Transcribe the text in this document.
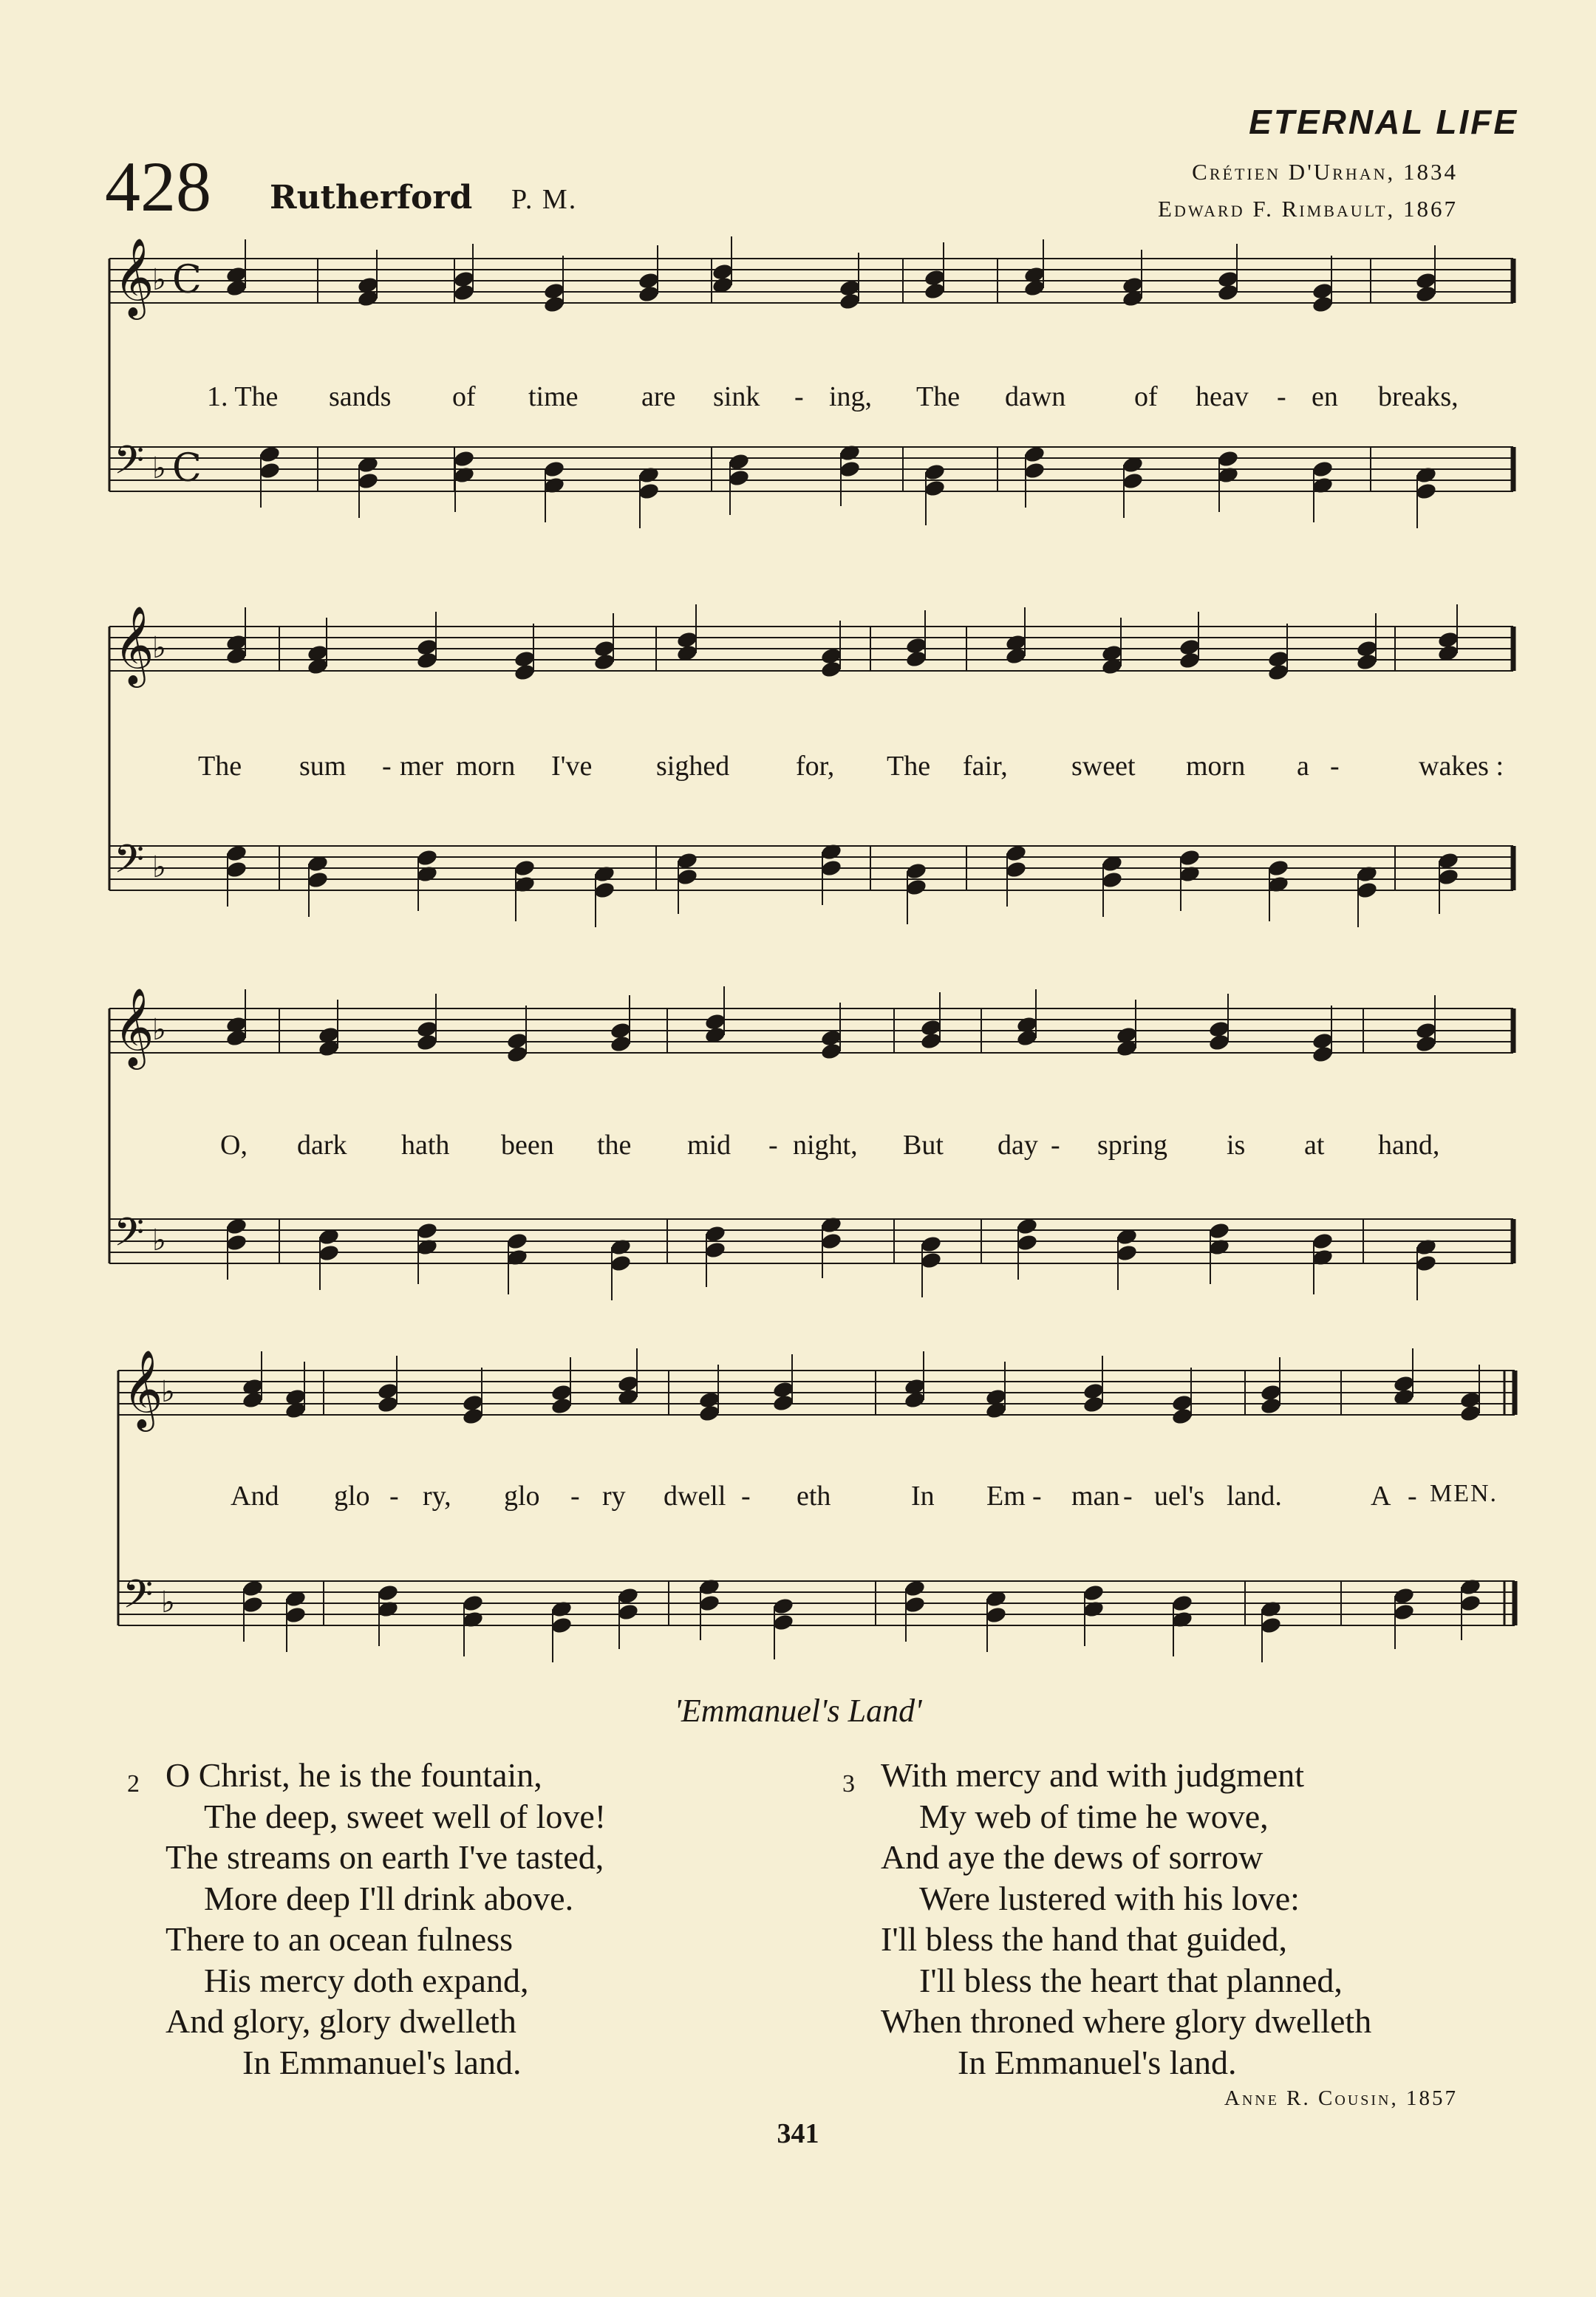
ETERNAL LIFE
428 Rutherford P. M.
Crétien D'Urhan, 1834
Edward F. Rimbault, 1867
𝄞
♭ C
𝄢 ♭ C
𝄞
♭
𝄢 ♭
𝄞
♭
𝄢 ♭
𝄞
♭
𝄢 ♭
1. The sands of time are sink - ing, The dawn of heav - en breaks,
The sum - mer morn I've sighed for, The fair, sweet morn a -	wakes :
O, dark hath been the mid - night, But day - spring is at hand,
And glo - ry, glo - ry dwell - eth	In Em - man - uel's land.	A - MEN.
'Emmanuel's Land'
2 O Christ, he is the fountain,
The deep, sweet well of love!
The streams on earth I've tasted,
More deep I'll drink above.
There to an ocean fulness
His mercy doth expand,
And glory, glory dwelleth
In Emmanuel's land.
3 With mercy and with judgment
My web of time he wove,
And aye the dews of sorrow
Were lustered with his love:
I'll bless the hand that guided,
I'll bless the heart that planned,
When throned where glory dwelleth
In Emmanuel's land.
Anne R. Cousin, 1857
341
